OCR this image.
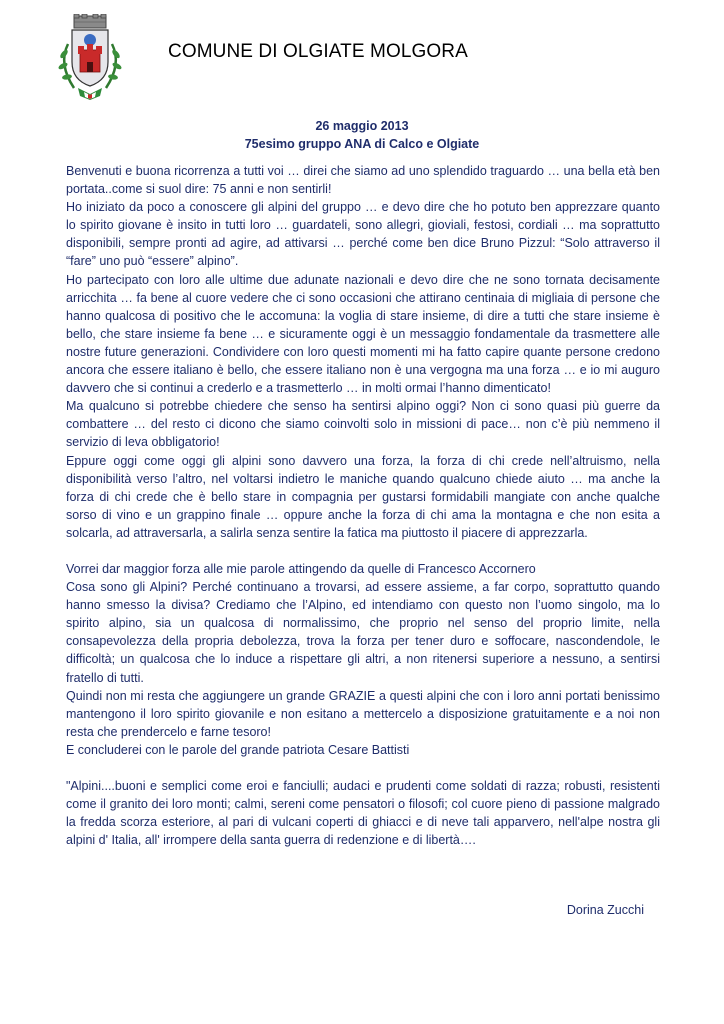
COMUNE DI OLGIATE MOLGORA
26 maggio 2013
75esimo gruppo ANA di Calco e Olgiate

Benvenuti e buona ricorrenza a tutti voi … direi che siamo ad uno splendido traguardo … una bella età ben portata..come si suol dire: 75 anni e non sentirli!

Ho iniziato da poco a conoscere gli alpini del gruppo … e devo dire che ho potuto ben apprezzare quanto lo spirito giovane è insito in tutti loro … guardateli, sono allegri, gioviali, festosi, cordiali … ma soprattutto disponibili, sempre pronti ad agire, ad attivarsi … perché come ben dice Bruno Pizzul: “Solo attraverso il “fare” uno può “essere” alpino”.

Ho partecipato con loro alle ultime due adunate nazionali e devo dire che ne sono tornata decisamente arricchita … fa bene al cuore vedere che ci sono occasioni che attirano centinaia di migliaia di persone che hanno qualcosa di positivo che le accomuna: la voglia di stare insieme, di dire a tutti che stare insieme è bello, che stare insieme fa bene … e sicuramente oggi è un messaggio fondamentale da trasmettere alle nostre future generazioni. Condividere con loro questi momenti mi ha fatto capire quante persone credono ancora che essere italiano è bello, che essere italiano non è una vergogna ma una forza … e io mi auguro davvero che si continui a crederlo e a trasmetterlo … in molti ormai l’hanno dimenticato!

Ma qualcuno si potrebbe chiedere che senso ha sentirsi alpino oggi? Non ci sono quasi più guerre da combattere … del resto ci dicono che siamo coinvolti solo in missioni di pace… non c’è più nemmeno il servizio di leva obbligatorio!

Eppure oggi come oggi gli alpini sono davvero una forza, la forza di chi crede nell’altruismo, nella disponibilità verso l’altro, nel voltarsi indietro le maniche quando qualcuno chiede aiuto … ma anche la forza di chi crede che è bello stare in compagnia per gustarsi formidabili mangiate con anche qualche sorso di vino e un grappino finale … oppure anche la forza di chi ama la montagna e che non esita a solcarla, ad attraversarla, a salirla senza sentire la fatica ma piuttosto il piacere di apprezzarla.

Vorrei dar maggior forza alle mie parole attingendo da quelle di Francesco Accornero

Cosa sono gli Alpini? Perché continuano a trovarsi, ad essere assieme, a far corpo, soprattutto quando hanno smesso la divisa? Crediamo che l’Alpino, ed intendiamo con questo non l’uomo singolo, ma lo spirito alpino, sia un qualcosa di normalissimo, che proprio nel senso del proprio limite, nella consapevolezza della propria debolezza, trova la forza per tener duro e soffocare, nascondendole, le difficoltà; un qualcosa che lo induce a rispettare gli altri, a non ritenersi superiore a nessuno, a sentirsi fratello di tutti.

Quindi non mi resta che aggiungere un grande GRAZIE a questi alpini che con i loro anni portati benissimo mantengono il loro spirito giovanile e non esitano a mettercelo a disposizione gratuitamente e a noi non resta che prendercelo e farne tesoro!

E concluderei con le parole del grande patriota Cesare Battisti

"Alpini....buoni e semplici come eroi e fanciulli; audaci e prudenti come soldati di razza; robusti, resistenti come il granito dei loro monti; calmi, sereni come pensatori o filosofi; col cuore pieno di passione malgrado la fredda scorza esteriore, al pari di vulcani coperti di ghiacci e di neve tali apparvero, nell'alpe nostra gli alpini d' Italia, all' irrompere della santa guerra di redenzione e di libertà….

Dorina Zucchi
